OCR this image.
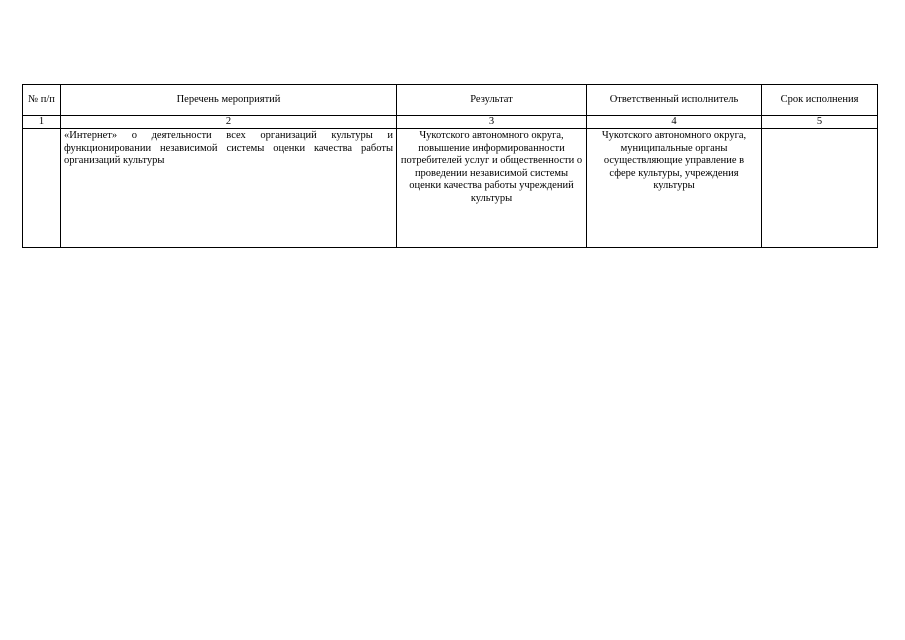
№ п/п	Перечень мероприятий	Результат	Ответственный исполнитель	Срок исполнения
1	2	3	4	5
	«Интернет» о деятельности всех организаций культуры и функционировании независимой системы оценки качества работы организаций культуры	Чукотского автономного округа, повышение информированности потребителей услуг и общественности о проведении независимой системы оценки качества работы учреждений культуры	Чукотского автономного округа, муниципальные органы осуществляющие управление в сфере культуры, учреждения культуры	
